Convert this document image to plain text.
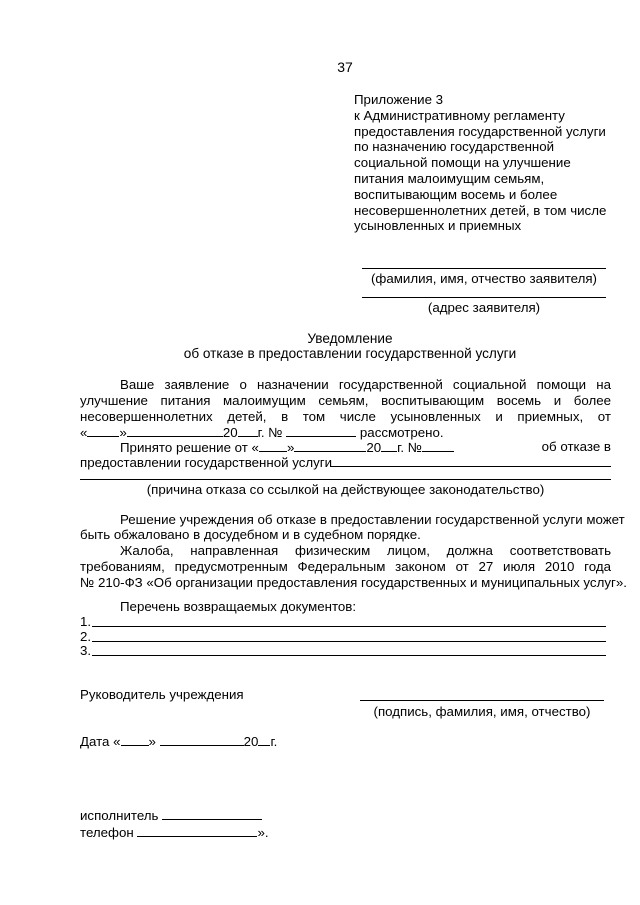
37
Приложение 3
к Административному регламенту
предоставления государственной услуги
по назначению государственной
социальной помощи на улучшение
питания малоимущим семьям,
воспитывающим восемь и более
несовершеннолетних детей, в том числе
усыновленных и приемных
(фамилия, имя, отчество заявителя)
(адрес заявителя)
Уведомление
об отказе в предоставлении государственной услуги
Ваше заявление о назначении государственной социальной помощи на
улучшение питания малоимущим семьям, воспитывающим восемь и более
несовершеннолетних детей, в том числе усыновленных и приемных, от
« »	20 г. №	рассмотрено.
Принято решение от « »	20 г. №	об отказе в
предоставлении государственной услуги
(причина отказа со ссылкой на действующее законодательство)
Решение учреждения об отказе в предоставлении государственной услуги может
быть обжаловано в досудебном и в судебном порядке.
Жалоба, направленная физическим лицом, должна соответствовать
требованиям, предусмотренным Федеральным законом от 27 июля 2010 года
№ 210-ФЗ «Об организации предоставления государственных и муниципальных услуг».
Перечень возвращаемых документов:
1.
2.
3.
Руководитель учреждения
(подпись, фамилия, имя, отчество)
Дата « »	20 г.
исполнитель
телефон	».
